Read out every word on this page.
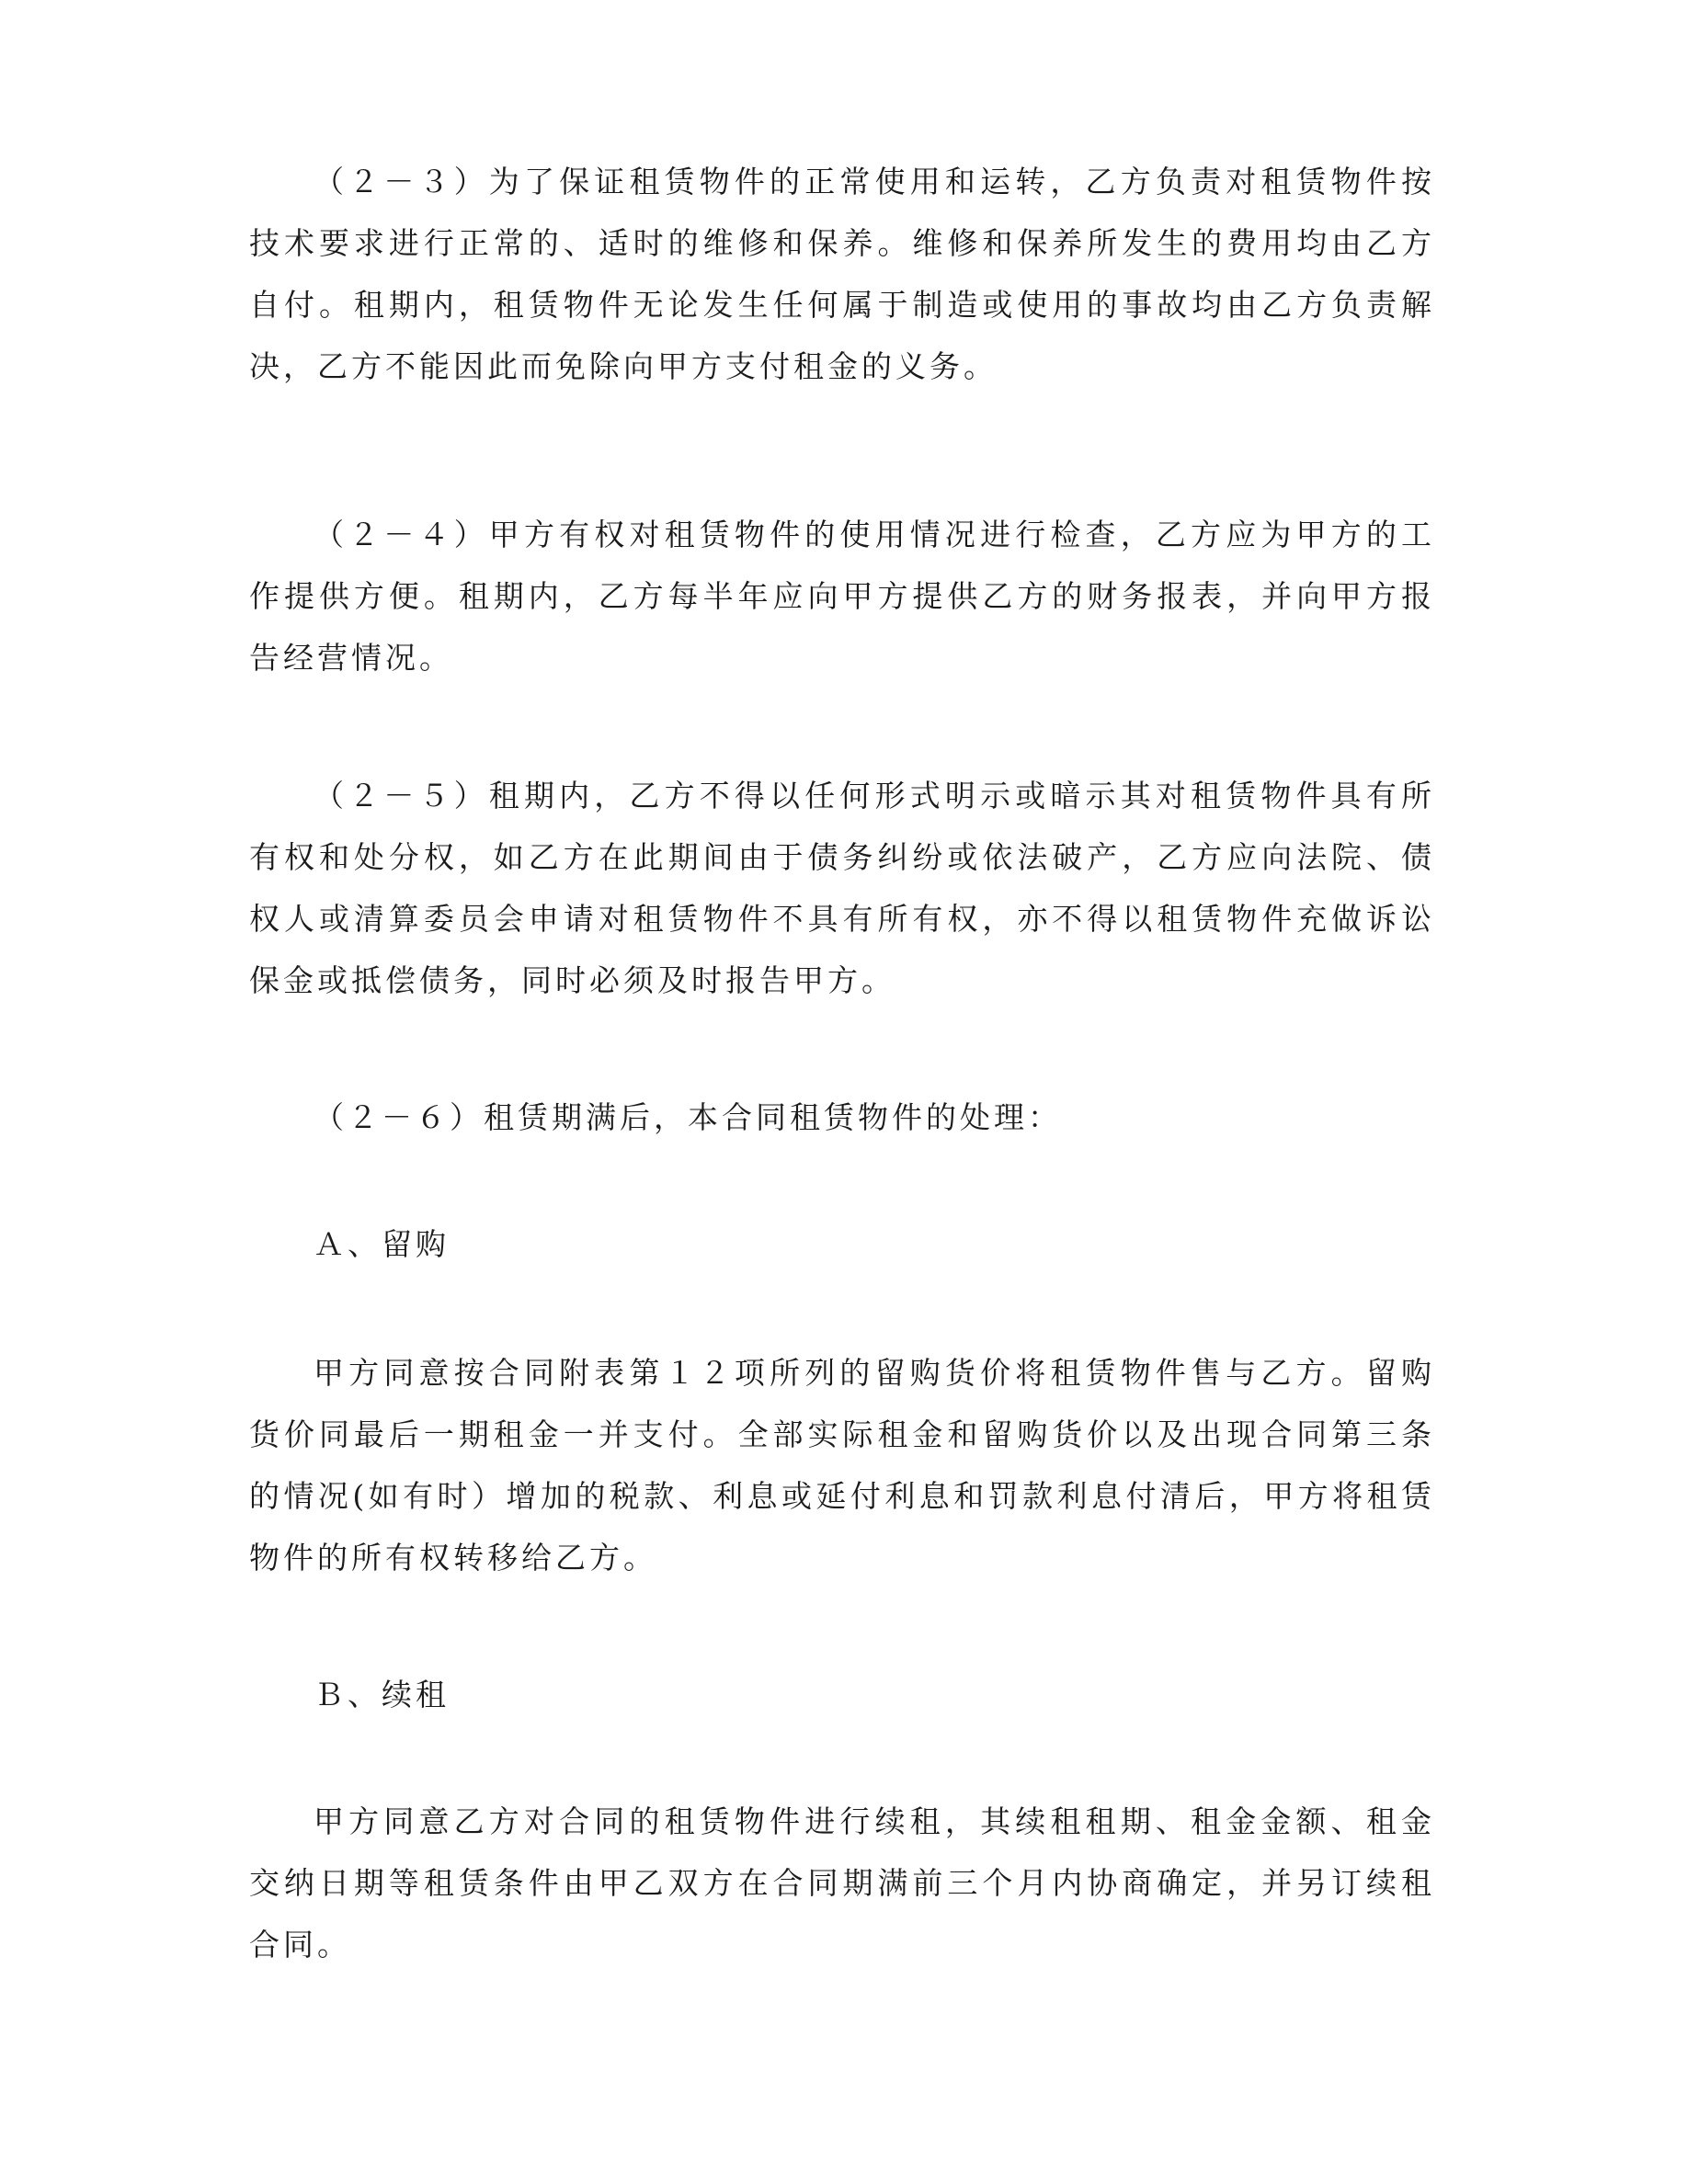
（２－３）为了保证租赁物件的正常使用和运转，乙方负责对租赁物件按技术要求进行正常的、适时的维修和保养。维修和保养所发生的费用均由乙方自付。租期内，租赁物件无论发生任何属于制造或使用的事故均由乙方负责解决，乙方不能因此而免除向甲方支付租金的义务。

（２－４）甲方有权对租赁物件的使用情况进行检查，乙方应为甲方的工作提供方便。租期内，乙方每半年应向甲方提供乙方的财务报表，并向甲方报告经营情况。

（２－５）租期内，乙方不得以任何形式明示或暗示其对租赁物件具有所有权和处分权，如乙方在此期间由于债务纠纷或依法破产，乙方应向法院、债权人或清算委员会申请对租赁物件不具有所有权，亦不得以租赁物件充做诉讼保金或抵偿债务，同时必须及时报告甲方。

（２－６）租赁期满后，本合同租赁物件的处理：

Ａ、留购

甲方同意按合同附表第１２项所列的留购货价将租赁物件售与乙方。留购货价同最后一期租金一并支付。全部实际租金和留购货价以及出现合同第三条的情况(如有时）增加的税款、利息或延付利息和罚款利息付清后，甲方将租赁物件的所有权转移给乙方。

Ｂ、续租

甲方同意乙方对合同的租赁物件进行续租，其续租租期、租金金额、租金交纳日期等租赁条件由甲乙双方在合同期满前三个月内协商确定，并另订续租合同。
